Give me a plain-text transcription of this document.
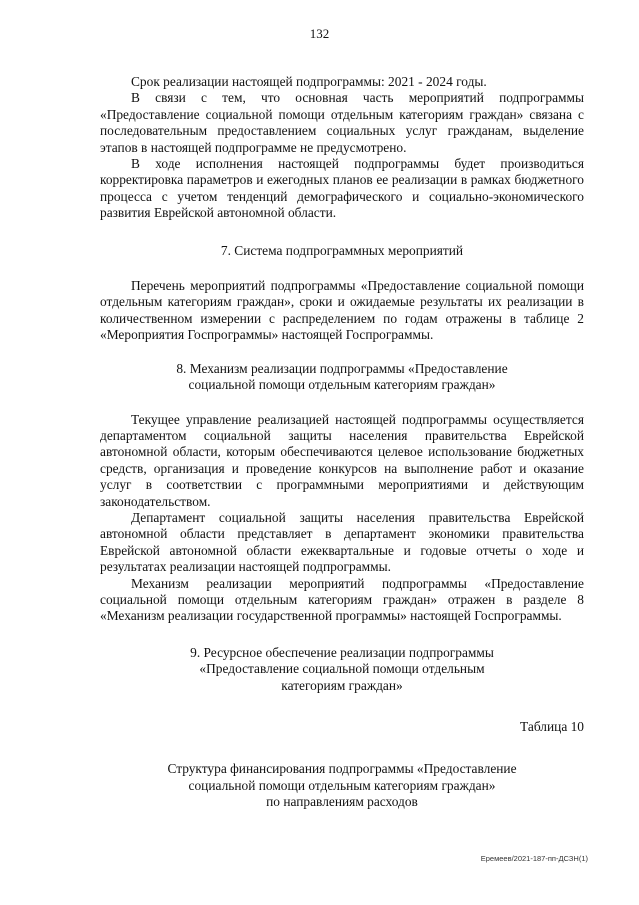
132

Срок реализации настоящей подпрограммы: 2021 - 2024 годы.

В связи с тем, что основная часть мероприятий подпрограммы «Предоставление социальной помощи отдельным категориям граждан» связана с последовательным предоставлением социальных услуг гражданам, выделение этапов в настоящей подпрограмме не предусмотрено.

В ходе исполнения настоящей подпрограммы будет производиться корректировка параметров и ежегодных планов ее реализации в рамках бюджетного процесса с учетом тенденций демографического и социально-экономического развития Еврейской автономной области.

7. Система подпрограммных мероприятий

Перечень мероприятий подпрограммы «Предоставление социальной помощи отдельным категориям граждан», сроки и ожидаемые результаты их реализации в количественном измерении с распределением по годам отражены в таблице 2 «Мероприятия Госпрограммы» настоящей Госпрограммы.

8. Механизм реализации подпрограммы «Предоставление
социальной помощи отдельным категориям граждан»

Текущее управление реализацией настоящей подпрограммы осуществляется департаментом социальной защиты населения правительства Еврейской автономной области, которым обеспечиваются целевое использование бюджетных средств, организация и проведение конкурсов на выполнение работ и оказание услуг в соответствии с программными мероприятиями и действующим законодательством.

Департамент социальной защиты населения правительства Еврейской автономной области представляет в департамент экономики правительства Еврейской автономной области ежеквартальные и годовые отчеты о ходе и результатах реализации настоящей подпрограммы.

Механизм реализации мероприятий подпрограммы «Предоставление социальной помощи отдельным категориям граждан» отражен в разделе 8 «Механизм реализации государственной программы» настоящей Госпрограммы.

9. Ресурсное обеспечение реализации подпрограммы
«Предоставление социальной помощи отдельным
категориям граждан»

Таблица 10

Структура финансирования подпрограммы «Предоставление
социальной помощи отдельным категориям граждан»
по направлениям расходов
Еремеев/2021-187-пп-ДСЗН(1)
